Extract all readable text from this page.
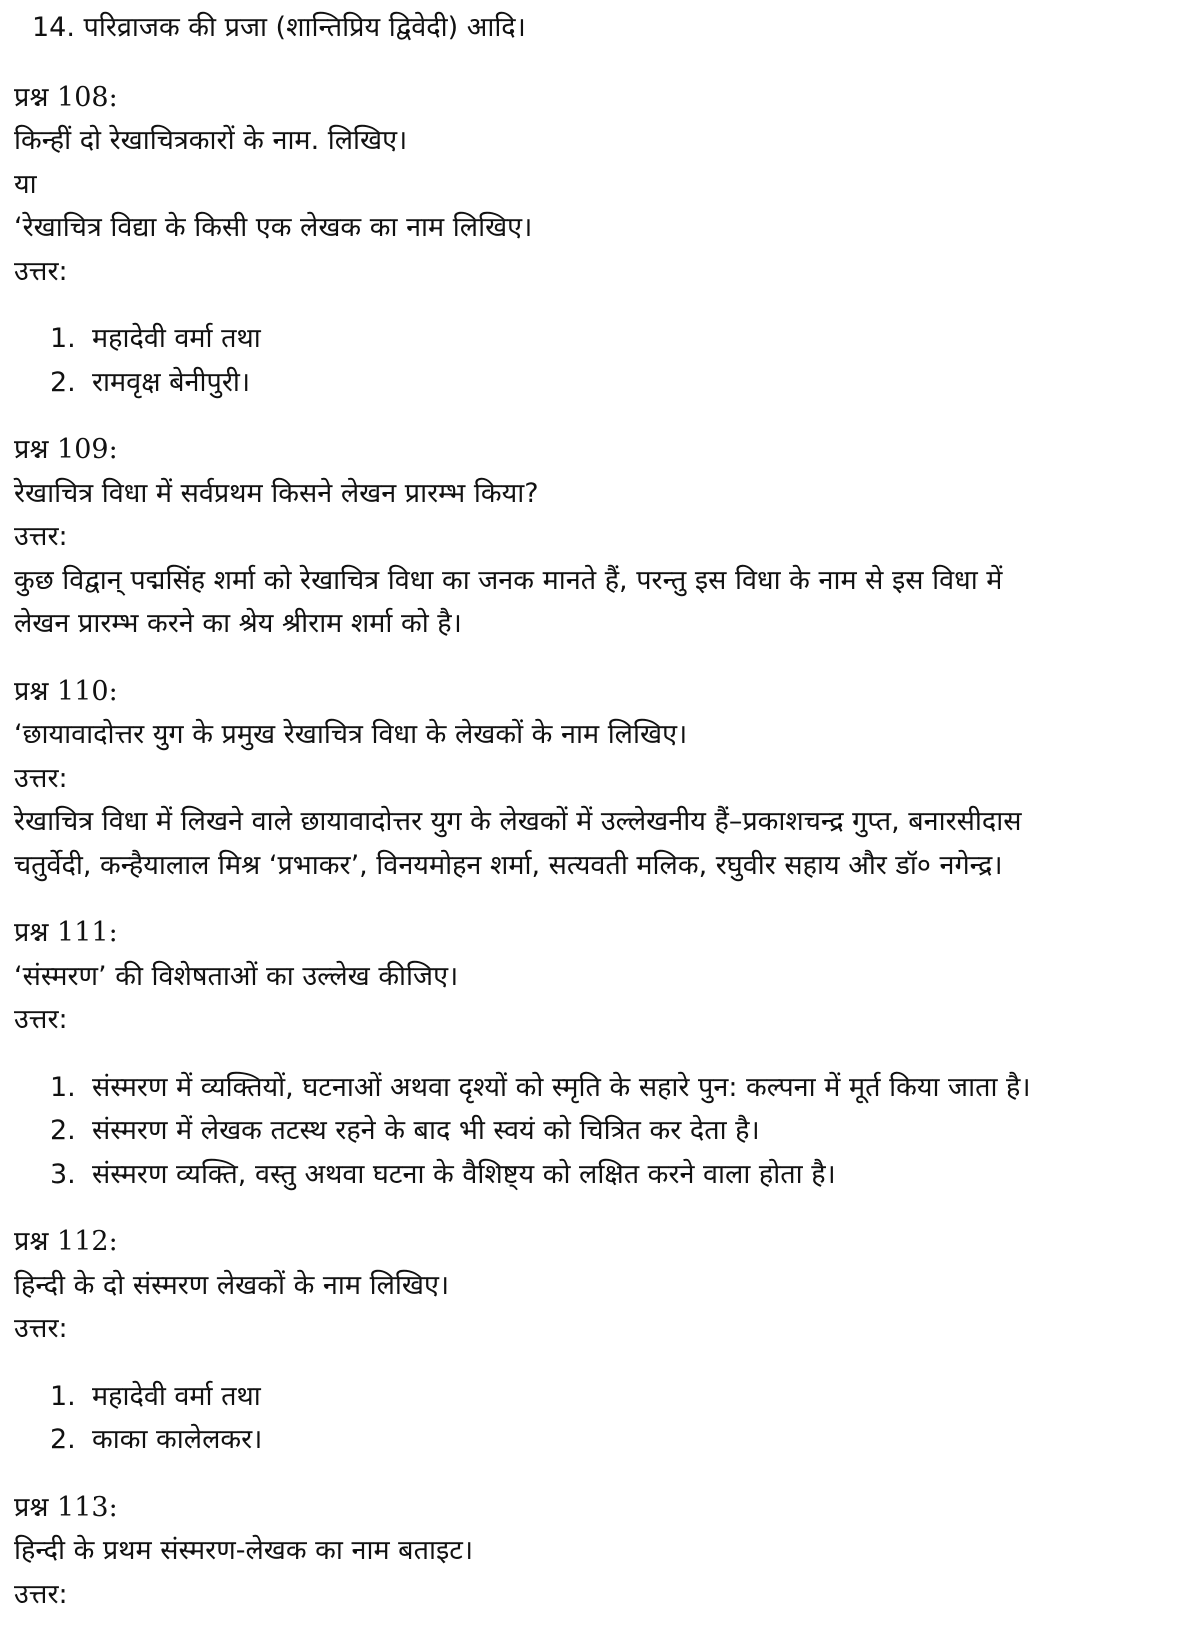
14. परिव्राजक की प्रजा (शान्तिप्रिय द्विवेदी) आदि।
प्रश्न 108:
किन्हीं दो रेखाचित्रकारों के नाम. लिखिए।
या
‘रेखाचित्र विद्या के किसी एक लेखक का नाम लिखिए।
उत्तर:
1. महादेवी वर्मा तथा
2. रामवृक्ष बेनीपुरी।
प्रश्न 109:
रेखाचित्र विधा में सर्वप्रथम किसने लेखन प्रारम्भ किया?
उत्तर:
कुछ विद्वान् पद्मसिंह शर्मा को रेखाचित्र विधा का जनक मानते हैं, परन्तु इस विधा के नाम से इस विधा में
लेखन प्रारम्भ करने का श्रेय श्रीराम शर्मा को है।
प्रश्न 110:
‘छायावादोत्तर युग के प्रमुख रेखाचित्र विधा के लेखकों के नाम लिखिए।
उत्तर:
रेखाचित्र विधा में लिखने वाले छायावादोत्तर युग के लेखकों में उल्लेखनीय हैं–प्रकाशचन्द्र गुप्त, बनारसीदास
चतुर्वेदी, कन्हैयालाल मिश्र ‘प्रभाकर’, विनयमोहन शर्मा, सत्यवती मलिक, रघुवीर सहाय और डॉ० नगेन्द्र।
प्रश्न 111:
‘संस्मरण’ की विशेषताओं का उल्लेख कीजिए।
उत्तर:
1. संस्मरण में व्यक्तियों, घटनाओं अथवा दृश्यों को स्मृति के सहारे पुन: कल्पना में मूर्त किया जाता है।
2. संस्मरण में लेखक तटस्थ रहने के बाद भी स्वयं को चित्रित कर देता है।
3. संस्मरण व्यक्ति, वस्तु अथवा घटना के वैशिष्ट्य को लक्षित करने वाला होता है।
प्रश्न 112:
हिन्दी के दो संस्मरण लेखकों के नाम लिखिए।
उत्तर:
1. महादेवी वर्मा तथा
2. काका कालेलकर।
प्रश्न 113:
हिन्दी के प्रथम संस्मरण-लेखक का नाम बताइट।
उत्तर:
